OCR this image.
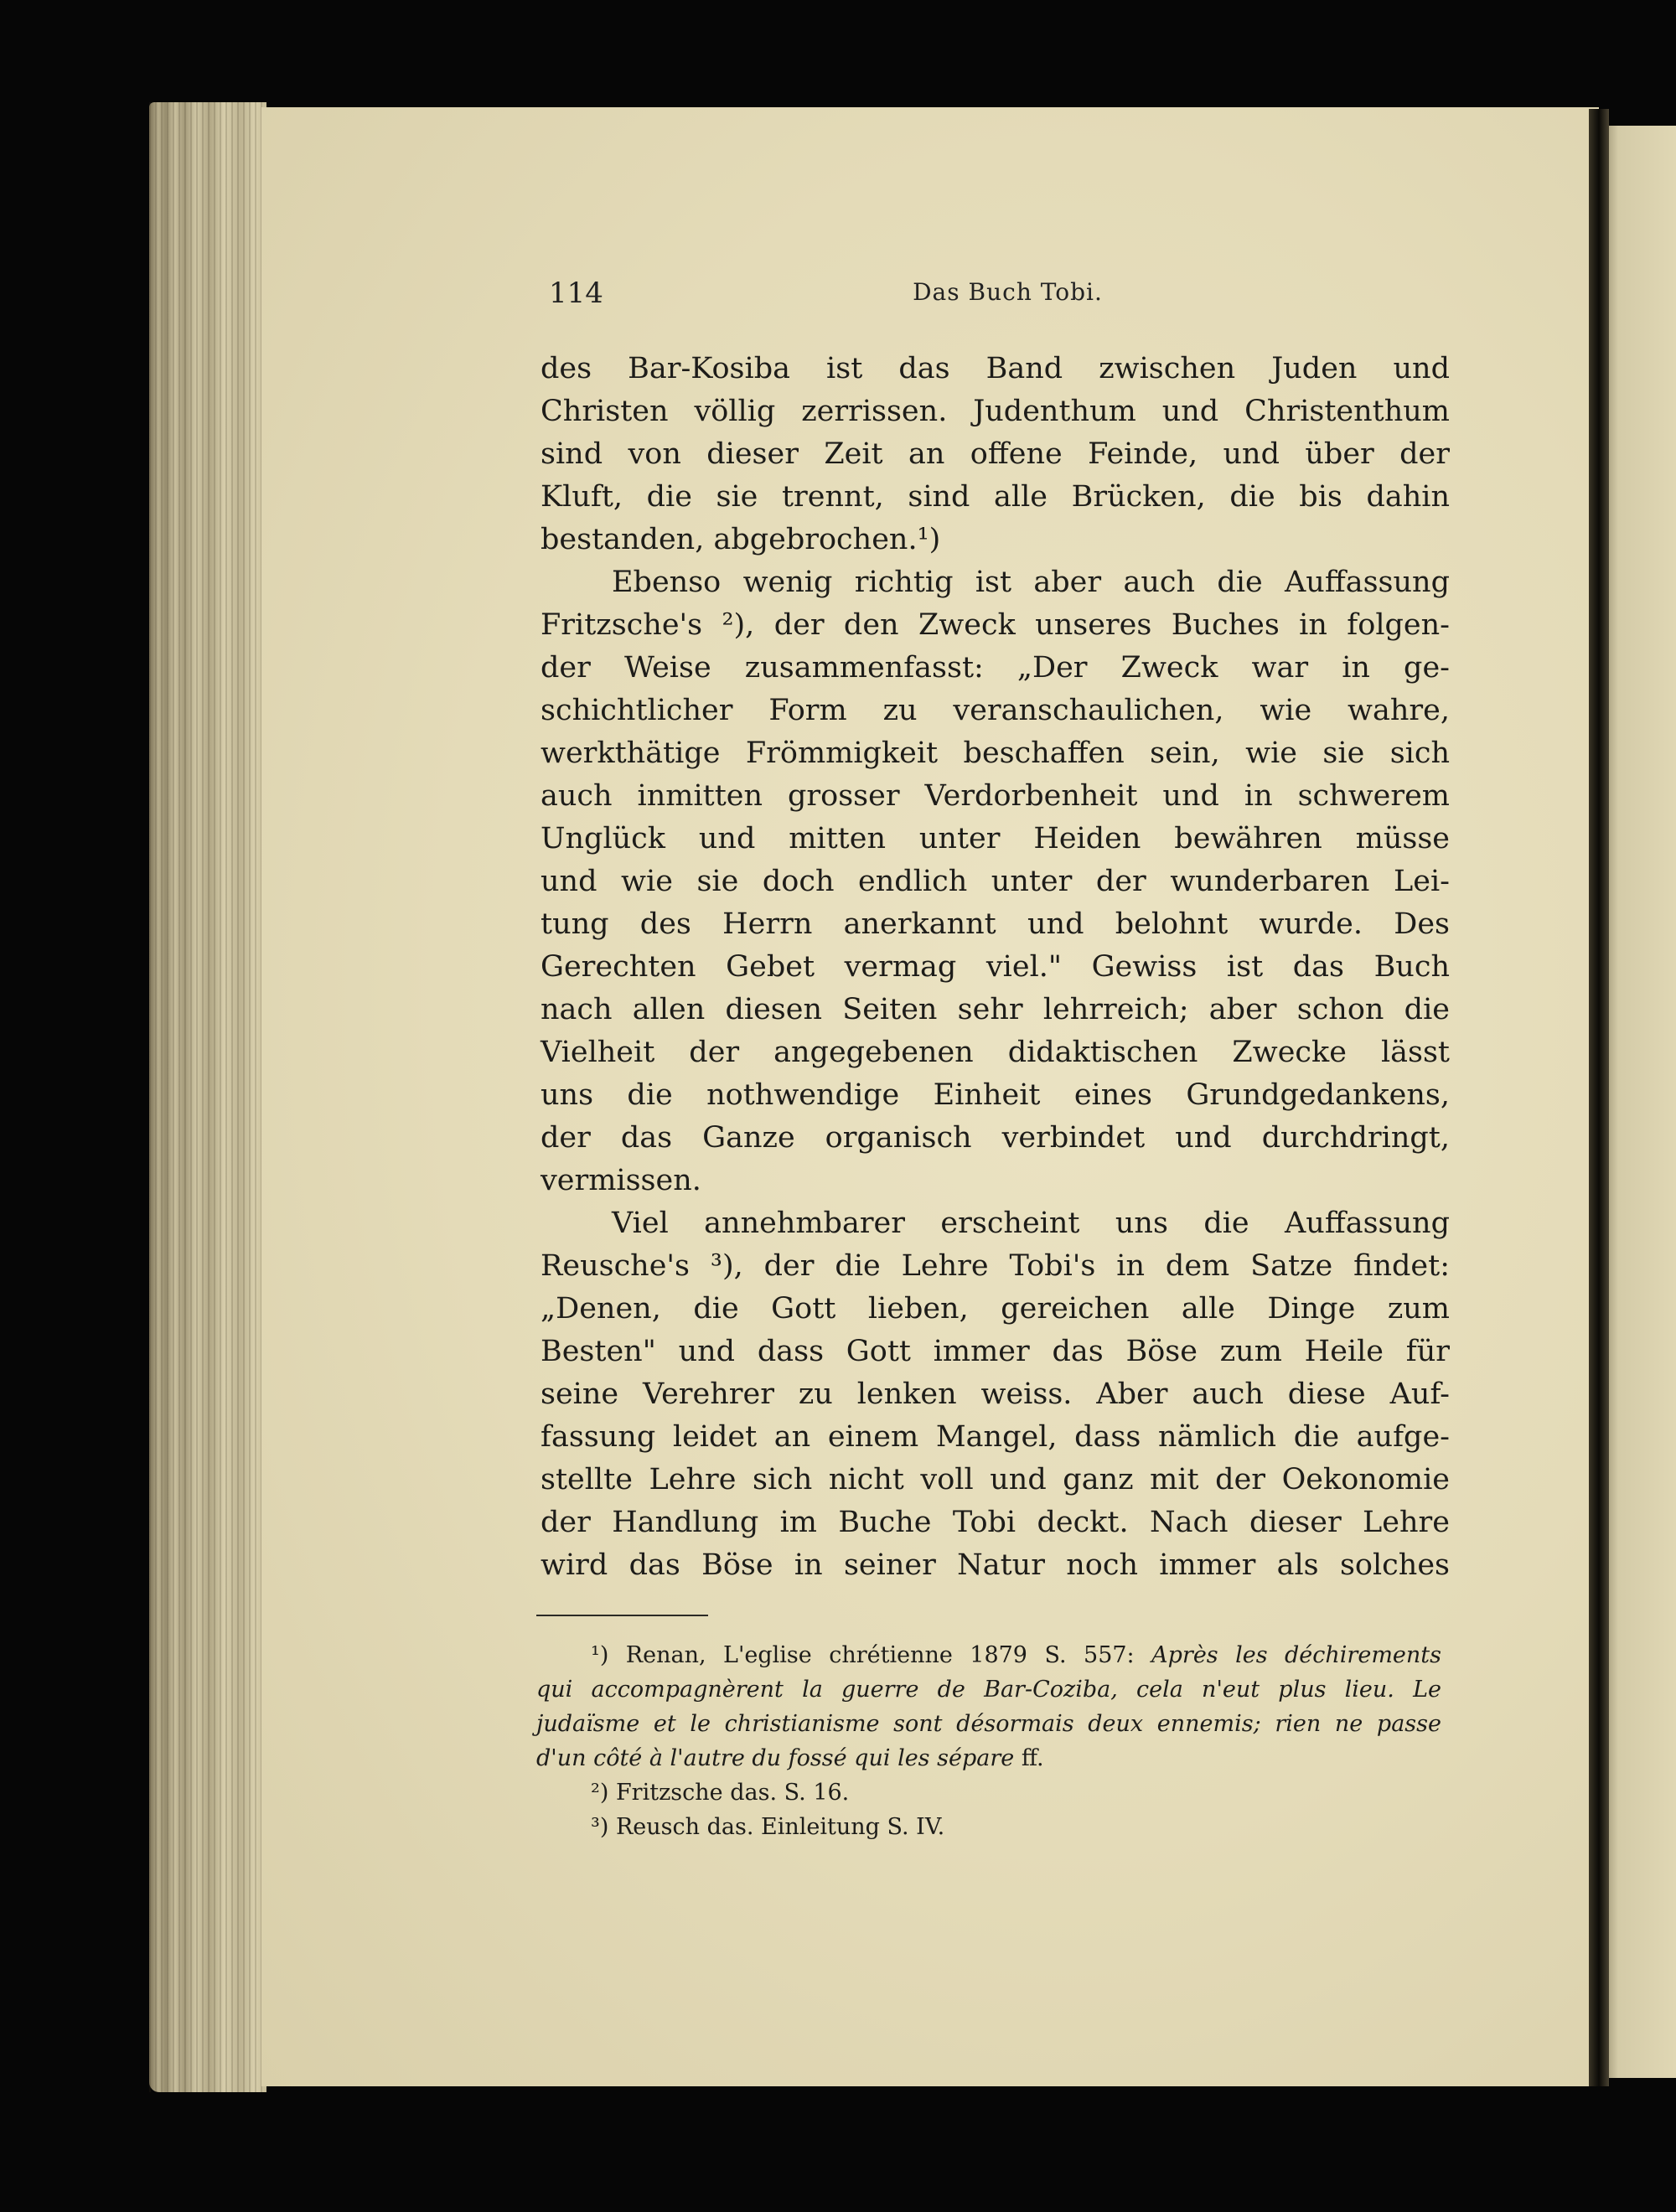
114	Das Buch Tobi.
des Bar-Kosiba ist das Band zwischen Juden und
Christen völlig zerrissen. Judenthum und Christenthum
sind von dieser Zeit an offene Feinde, und über der
Kluft, die sie trennt, sind alle Brücken, die bis dahin
bestanden, abgebrochen.¹)
Ebenso wenig richtig ist aber auch die Auffassung
Fritzsche's ²), der den Zweck unseres Buches in folgen-
der Weise zusammenfasst: „Der Zweck war in ge-
schichtlicher Form zu veranschaulichen, wie wahre,
werkthätige Frömmigkeit beschaffen sein, wie sie sich
auch inmitten grosser Verdorbenheit und in schwerem
Unglück und mitten unter Heiden bewähren müsse
und wie sie doch endlich unter der wunderbaren Lei-
tung des Herrn anerkannt und belohnt wurde. Des
Gerechten Gebet vermag viel." Gewiss ist das Buch
nach allen diesen Seiten sehr lehrreich; aber schon die
Vielheit der angegebenen didaktischen Zwecke lässt
uns die nothwendige Einheit eines Grundgedankens,
der das Ganze organisch verbindet und durchdringt,
vermissen.
Viel annehmbarer erscheint uns die Auffassung
Reusche's ³), der die Lehre Tobi's in dem Satze findet:
„Denen, die Gott lieben, gereichen alle Dinge zum
Besten" und dass Gott immer das Böse zum Heile für
seine Verehrer zu lenken weiss. Aber auch diese Auf-
fassung leidet an einem Mangel, dass nämlich die aufge-
stellte Lehre sich nicht voll und ganz mit der Oekonomie
der Handlung im Buche Tobi deckt. Nach dieser Lehre
wird das Böse in seiner Natur noch immer als solches
¹) Renan, L'eglise chrétienne 1879 S. 557: Après les déchirements
qui accompagnèrent la guerre de Bar-Coziba, cela n'eut plus lieu. Le
judaïsme et le christianisme sont désormais deux ennemis; rien ne passe
d'un côté à l'autre du fossé qui les sépare ff.
²) Fritzsche das. S. 16.
³) Reusch das. Einleitung S. IV.
